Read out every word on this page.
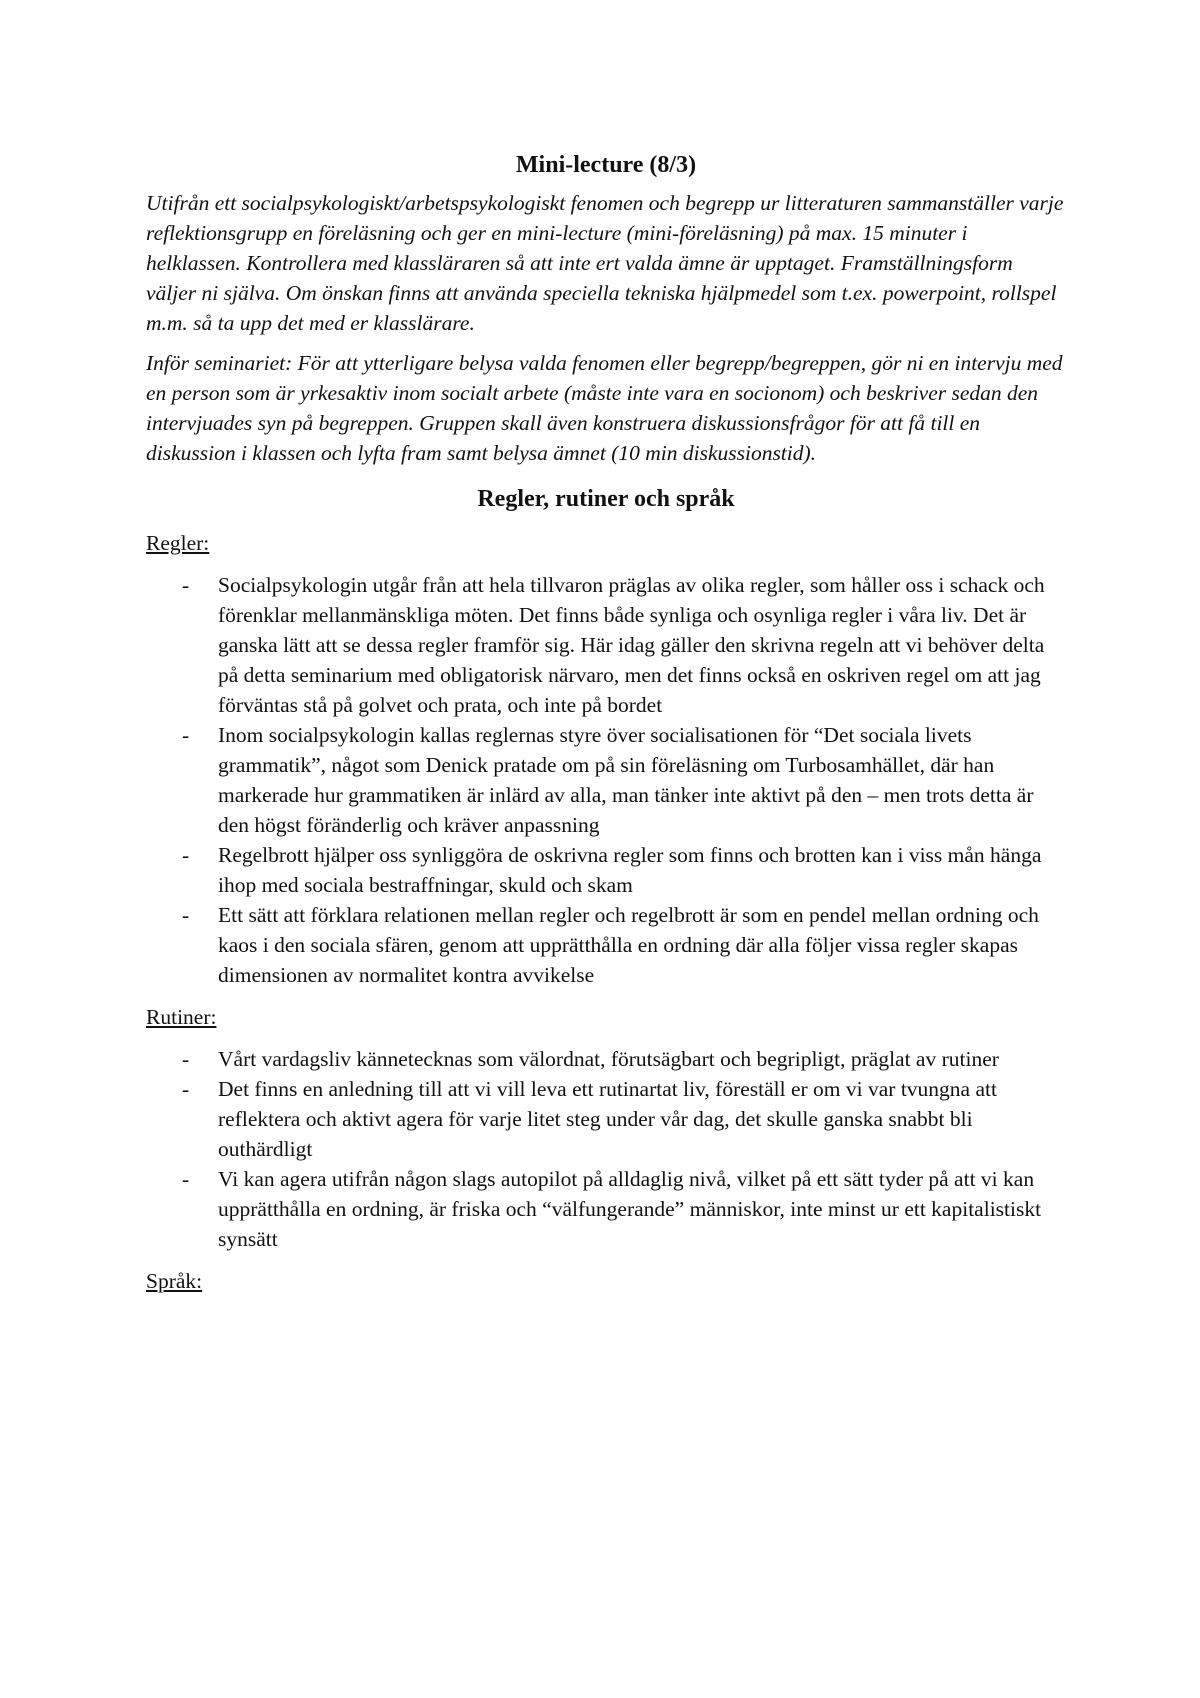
Mini-lecture (8/3)

Utifrån ett socialpsykologiskt/arbetspsykologiskt fenomen och begrepp ur litteraturen sammanställer varje reflektionsgrupp en föreläsning och ger en mini-lecture (mini-föreläsning) på max. 15 minuter i helklassen. Kontrollera med klassläraren så att inte ert valda ämne är upptaget. Framställningsform väljer ni själva. Om önskan finns att använda speciella tekniska hjälpmedel som t.ex. powerpoint, rollspel m.m. så ta upp det med er klasslärare.

Inför seminariet: För att ytterligare belysa valda fenomen eller begrepp/begreppen, gör ni en intervju med en person som är yrkesaktiv inom socialt arbete (måste inte vara en socionom) och beskriver sedan den intervjuades syn på begreppen. Gruppen skall även konstruera diskussionsfrågor för att få till en diskussion i klassen och lyfta fram samt belysa ämnet (10 min diskussionstid).

Regler, rutiner och språk
Regler:
- Socialpsykologin utgår från att hela tillvaron präglas av olika regler, som håller oss i schack och förenklar mellanmänskliga möten. Det finns både synliga och osynliga regler i våra liv. Det är ganska lätt att se dessa regler framför sig. Här idag gäller den skrivna regeln att vi behöver delta på detta seminarium med obligatorisk närvaro, men det finns också en oskriven regel om att jag förväntas stå på golvet och prata, och inte på bordet
- Inom socialpsykologin kallas reglernas styre över socialisationen för “Det sociala livets grammatik”, något som Denick pratade om på sin föreläsning om Turbosamhället, där han markerade hur grammatiken är inlärd av alla, man tänker inte aktivt på den – men trots detta är den högst föränderlig och kräver anpassning
- Regelbrott hjälper oss synliggöra de oskrivna regler som finns och brotten kan i viss mån hänga ihop med sociala bestraffningar, skuld och skam
- Ett sätt att förklara relationen mellan regler och regelbrott är som en pendel mellan ordning och kaos i den sociala sfären, genom att upprätthålla en ordning där alla följer vissa regler skapas dimensionen av normalitet kontra avvikelse
Rutiner:
- Vårt vardagsliv kännetecknas som välordnat, förutsägbart och begripligt, präglat av rutiner
- Det finns en anledning till att vi vill leva ett rutinartat liv, föreställ er om vi var tvungna att reflektera och aktivt agera för varje litet steg under vår dag, det skulle ganska snabbt bli outhärdligt
- Vi kan agera utifrån någon slags autopilot på alldaglig nivå, vilket på ett sätt tyder på att vi kan upprätthålla en ordning, är friska och “välfungerande” människor, inte minst ur ett kapitalistiskt synsätt
Språk:
